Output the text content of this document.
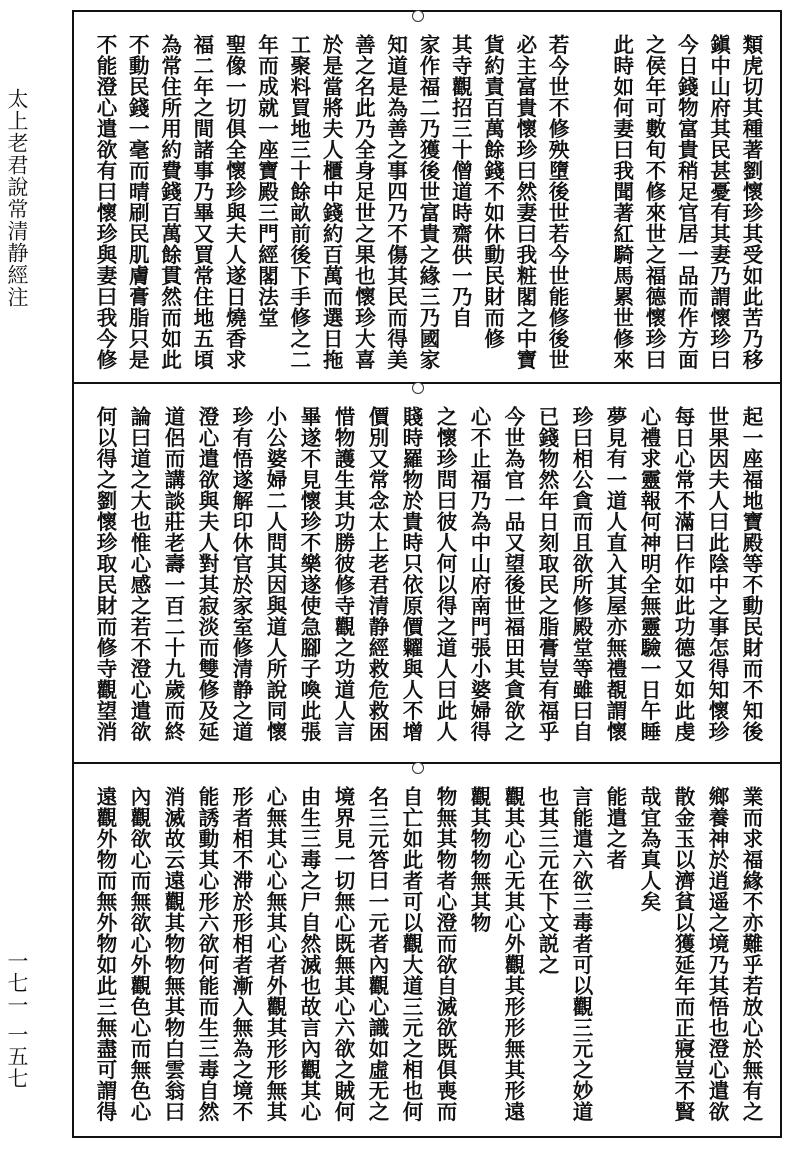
太上老君說常清静經注
一七一 一五七
類虎切其種著劉懷珍其受如此苦乃移
鎭中山府其民甚憂有其妻乃謂懷珍曰
今日錢物富貴稍足官居一品而作方面
之侯年可數旬不修來世之福德懷珍曰
此時如何妻曰我聞著紅騎馬累世修來
若今世不修殃墮後世若今世能修後世
必主富貴懷珍曰然妻曰我粧閣之中寶
貨約責百萬餘錢不如休動民財而修
其寺觀招三十僧道時齋供一乃自
家作福二乃獲後世富貴之緣三乃國家
知道是為善之事四乃不傷其民而得美
善之名此乃全身足世之果也懷珍大喜
於是當將夫人櫃中錢約百萬而選日拖
工聚料買地三十餘畝前後下手修之二
年而成就一座寶殿三門經閣法堂
聖像一切俱全懷珍與夫人遂日燒香求
福二年之間諸事乃畢又買常住地五頃
為常住所用約費錢百萬餘貫然而如此
不動民錢一毫而晴刷民肌膚膏脂只是
不能澄心遣欲有曰懷珍與妻曰我今修
起一座福地寶殿等不動民財而不知後
世果因夫人曰此陰中之事怎得知懷珍
每日心常不滿曰作如此功德又如此虔
心禮求靈報何神明全無靈驗一日午睡
夢見有一道人直入其屋亦無禮覩謂懷
珍曰相公貪而且欲所修殿堂等雖曰自
已錢物然年日刻取民之脂膏豈有福乎
今世為官一品又望後世福田其貪欲之
心不止福乃為中山府南門張小婆婦得
之懷珍問曰彼人何以得之道人曰此人
賤時羅物於貴時只依原價糶與人不增
價別又常念太上老君清静經救危救困
惜物護生其功勝彼修寺觀之功道人言
畢遂不見懷珍不樂遂使急腳子喚此張
小公婆婦二人問其因與道人所說同懷
珍有悟遂解印休官於家室修清静之道
澄心遣欲與夫人對其寂淡而雙修及延
道侶而講談莊老壽一百二十九歲而終
論曰道之大也惟心感之若不澄心遣欲
何以得之劉懷珍取民財而修寺觀望消
業而求福緣不亦難乎若放心於無有之
鄉養神於逍遥之境乃其悟也澄心遣欲
散金玉以濟貧以獲延年而正寢豈不賢
哉宜為真人矣
能遣之者
言能遣六欲三毒者可以觀三元之妙道
也其三元在下文説之
觀其心心无其心外觀其形形無其形遠
觀其物物無其物
物無其物者心澄而欲自滅欲既俱喪而
自亡如此者可以觀大道三元之相也何
名三元答曰一元者內觀心識如虛无之
境界見一切無心既無其心六欲之賊何
由生三毒之尸自然滅也故言內觀其心
心無其心心無其心者外觀其形形無其
形者相不滞於形相者漸入無為之境不
能誘動其心形六欲何能而生三毒自然
消滅故云遠觀其物物無其物白雲翁曰
內觀欲心而無欲心外觀色心而無色心
遠觀外物而無外物如此三無盡可謂得
